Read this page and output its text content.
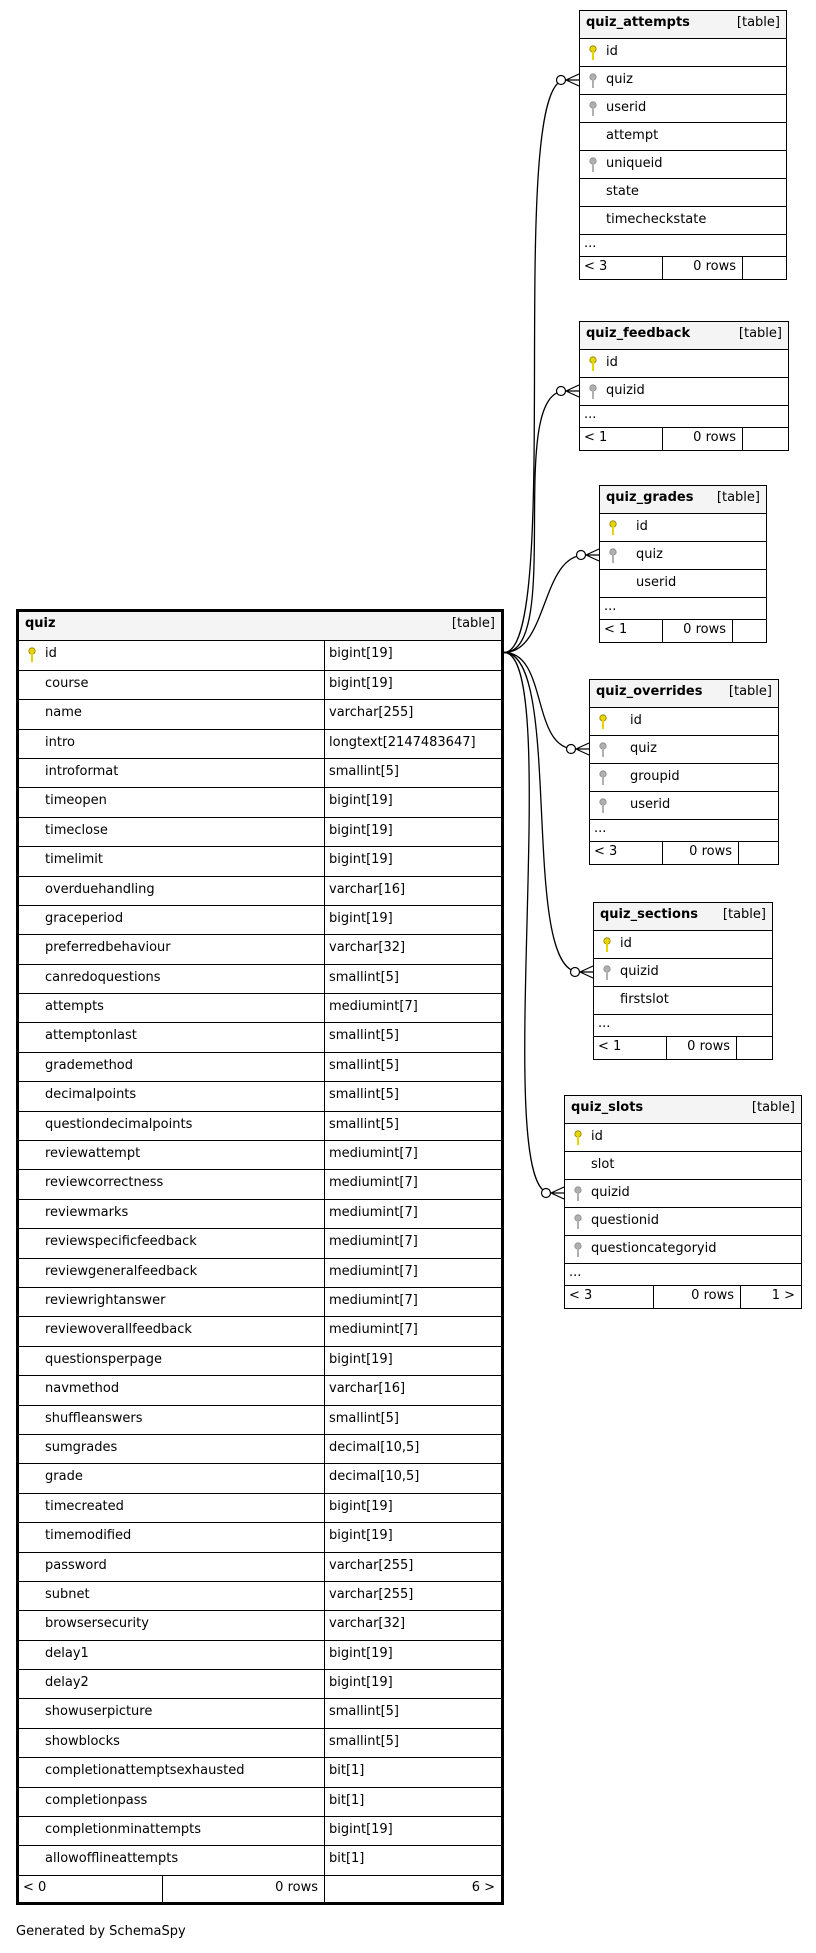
quiz	[table]
id	bigint[19]
course	bigint[19]
name	varchar[255]
intro	longtext[2147483647]
introformat	smallint[5]
timeopen	bigint[19]
timeclose	bigint[19]
timelimit	bigint[19]
overduehandling	varchar[16]
graceperiod	bigint[19]
preferredbehaviour	varchar[32]
canredoquestions	smallint[5]
attempts	mediumint[7]
attemptonlast	smallint[5]
grademethod	smallint[5]
decimalpoints	smallint[5]
questiondecimalpoints	smallint[5]
reviewattempt	mediumint[7]
reviewcorrectness	mediumint[7]
reviewmarks	mediumint[7]
reviewspecificfeedback	mediumint[7]
reviewgeneralfeedback	mediumint[7]
reviewrightanswer	mediumint[7]
reviewoverallfeedback	mediumint[7]
questionsperpage	bigint[19]
navmethod	varchar[16]
shuffleanswers	smallint[5]
sumgrades	decimal[10,5]
grade	decimal[10,5]
timecreated	bigint[19]
timemodified	bigint[19]
password	varchar[255]
subnet	varchar[255]
browsersecurity	varchar[32]
delay1	bigint[19]
delay2	bigint[19]
showuserpicture	smallint[5]
showblocks	smallint[5]
completionattemptsexhausted	bit[1]
completionpass	bit[1]
completionminattempts	bigint[19]
allowofflineattempts	bit[1]
< 0	0 rows	6 >
quiz_attempts	[table]
id
quiz
userid
attempt
uniqueid
state
timecheckstate
...
< 3	0 rows
quiz_feedback	[table]
id
quizid
...
< 1	0 rows
quiz_grades [table]
id
quiz
userid
...
< 1	0 rows
quiz_overrides [table]
id
quiz
groupid
userid
...
< 3	0 rows
quiz_sections [table]
id
quizid
firstslot
...
< 1	0 rows
quiz_slots	[table]
id
slot
quizid
questionid
questioncategoryid
...
< 3	0 rows	1 >
Generated by SchemaSpy
